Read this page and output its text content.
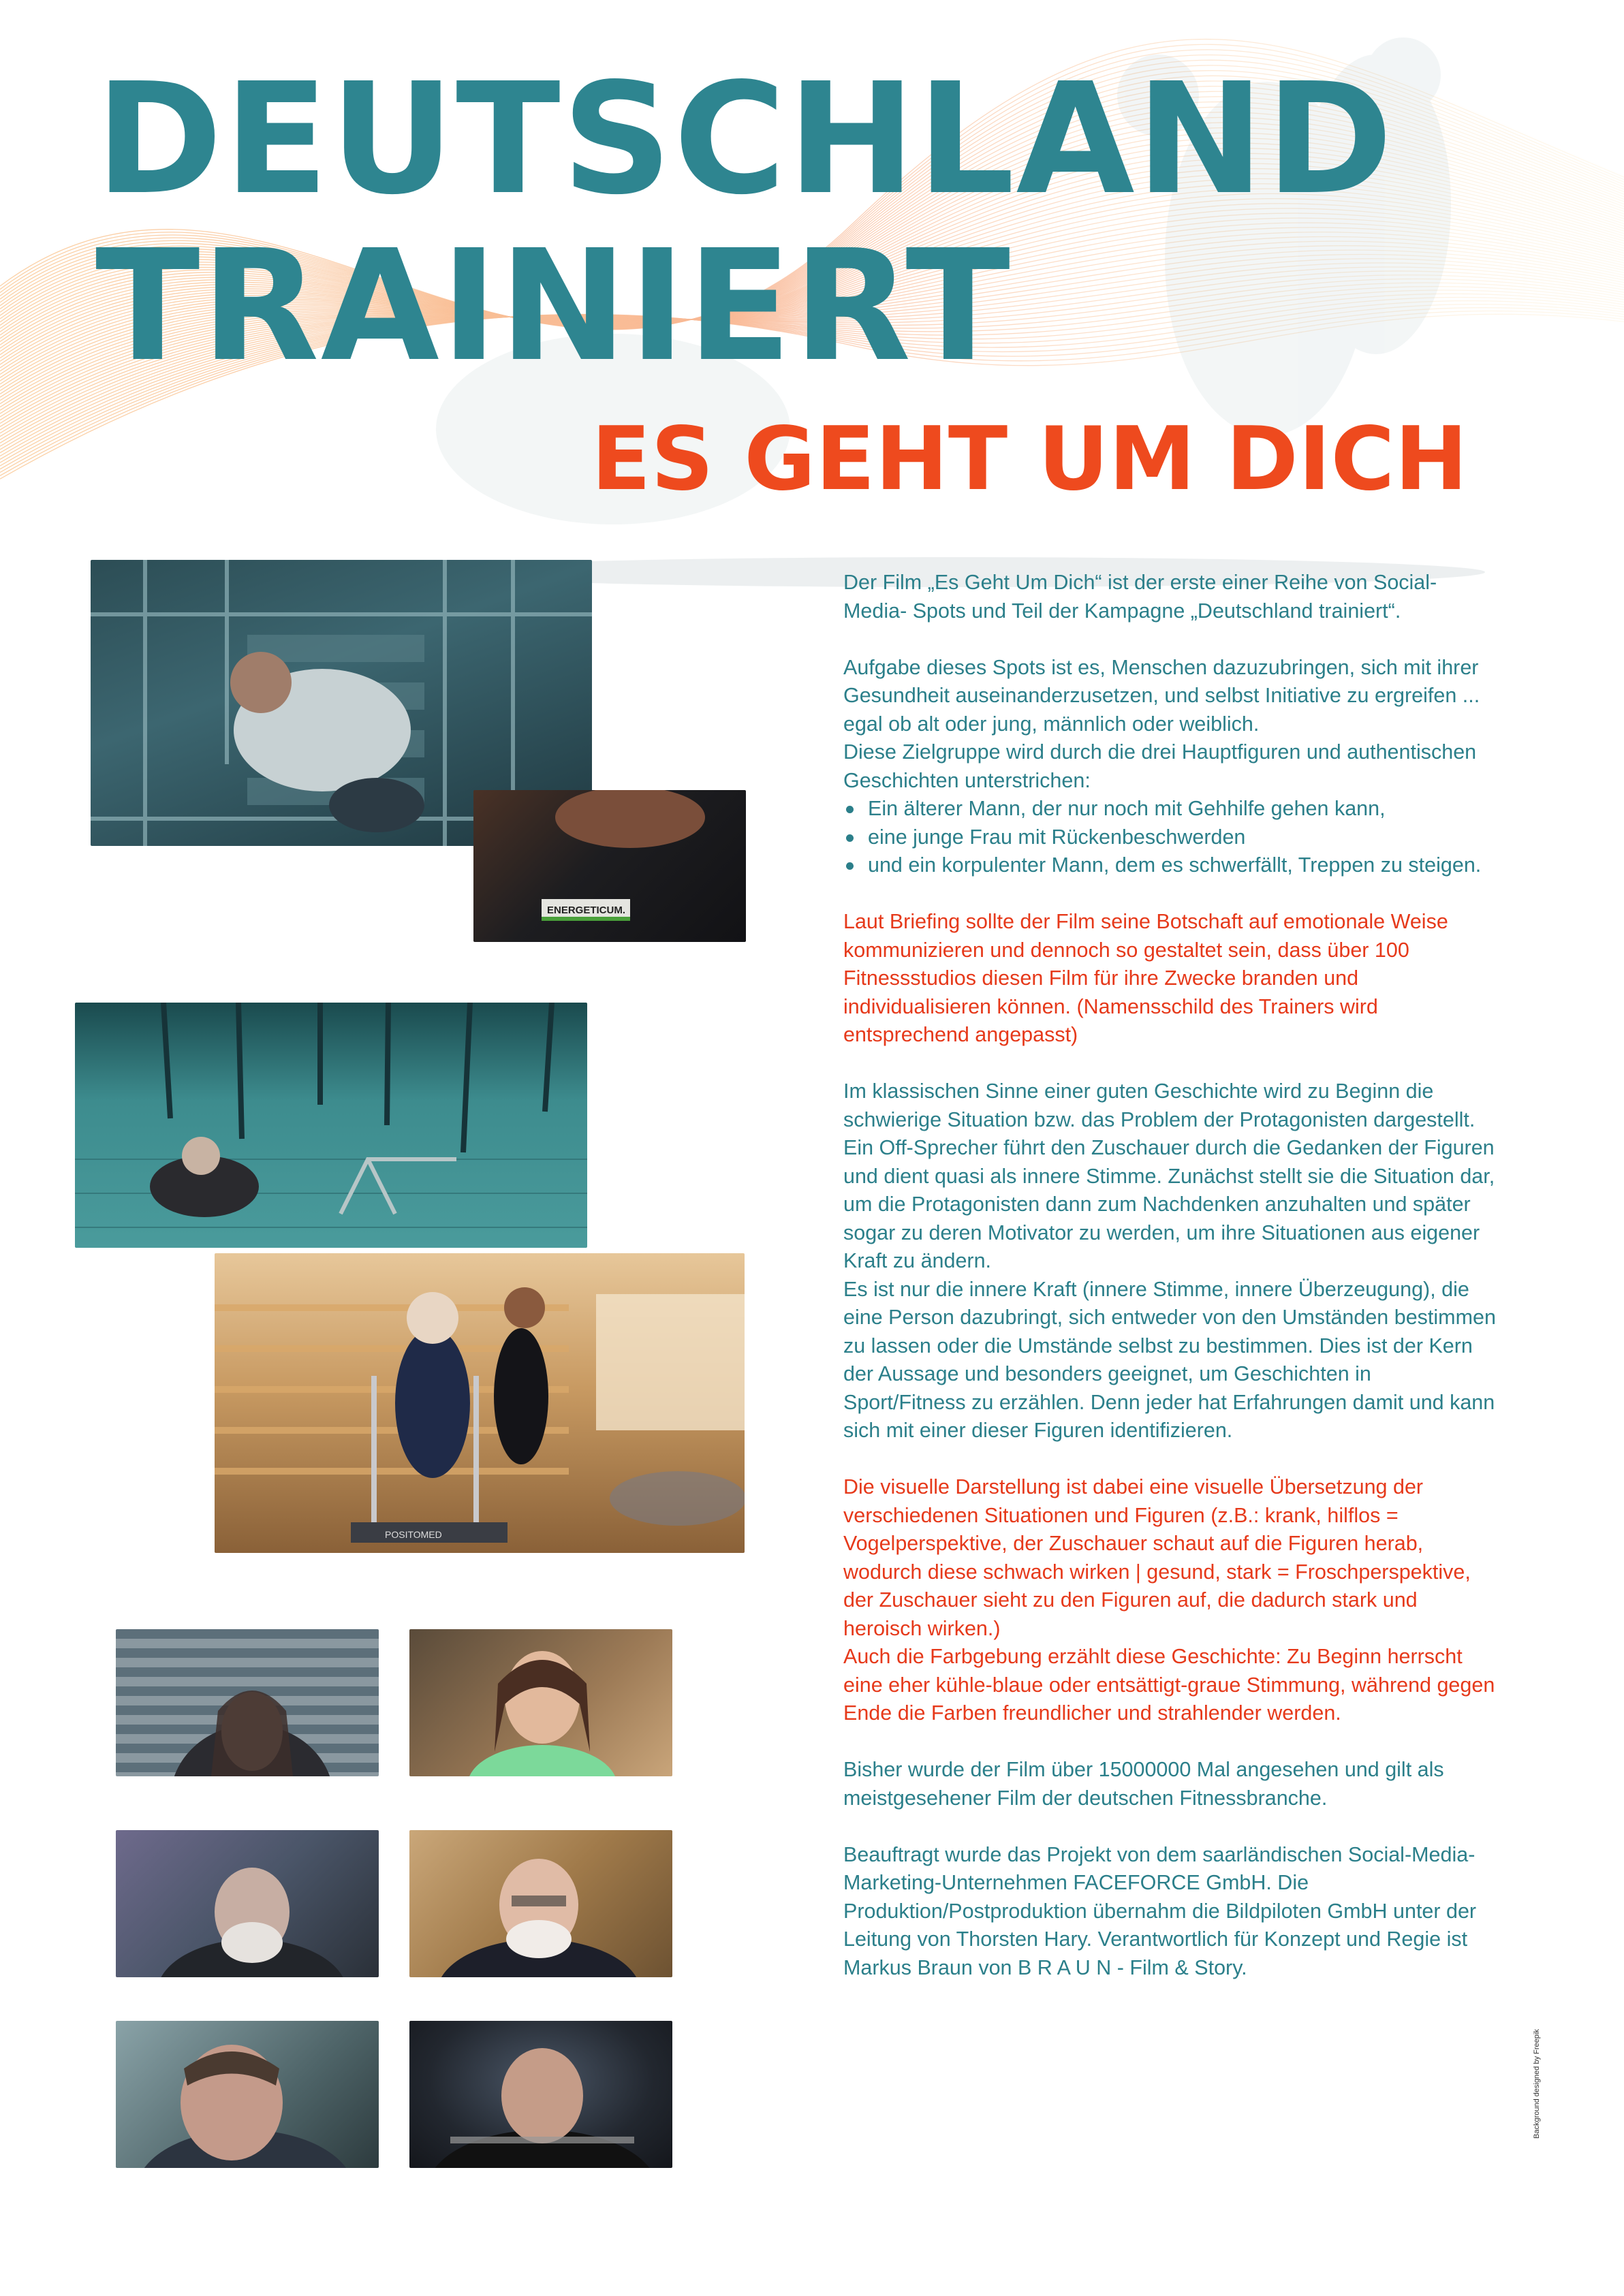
DEUTSCHLAND
TRAINIERT
ES GEHT UM DICH
ENERGETICUM.
POSITOMED

Der Film „Es Geht Um Dich“ ist der erste einer Reihe von Social-Media- Spots und Teil der Kampagne „Deutschland trainiert“.

Aufgabe dieses Spots ist es, Menschen dazuzubringen, sich mit ihrer Gesundheit auseinanderzusetzen, und selbst Initiative zu ergreifen ... egal ob alt oder jung, männlich oder weiblich.
Diese Zielgruppe wird durch die drei Hauptfiguren und authentischen Geschichten unterstrichen:
Ein älterer Mann, der nur noch mit Gehhilfe gehen kann,
eine junge Frau mit Rückenbeschwerden
und ein korpulenter Mann, dem es schwerfällt, Treppen zu steigen.

Laut Briefing sollte der Film seine Botschaft auf emotionale Weise kommunizieren und dennoch so gestaltet sein, dass über 100 Fitnessstudios diesen Film für ihre Zwecke branden und individualisieren können. (Namensschild des Trainers wird entsprechend angepasst)

Im klassischen Sinne einer guten Geschichte wird zu Beginn die schwierige Situation bzw. das Problem der Protagonisten dargestellt. Ein Off-Sprecher führt den Zuschauer durch die Gedanken der Figuren und dient quasi als innere Stimme. Zunächst stellt sie die Situation dar, um die Protagonisten dann zum Nachdenken anzuhalten und später sogar zu deren Motivator zu werden, um ihre Situationen aus eigener Kraft zu ändern.
Es ist nur die innere Kraft (innere Stimme, innere Überzeugung), die eine Person dazubringt, sich entweder von den Umständen bestimmen zu lassen oder die Umstände selbst zu bestimmen. Dies ist der Kern der Aussage und besonders geeignet, um Geschichten in Sport/Fitness zu erzählen. Denn jeder hat Erfahrungen damit und kann sich mit einer dieser Figuren identifizieren.
Die visuelle Darstellung ist dabei eine visuelle Übersetzung der verschiedenen Situationen und Figuren (z.B.: krank, hilflos = Vogelperspektive, der Zuschauer schaut auf die Figuren herab, wodurch diese schwach wirken | gesund, stark = Froschperspektive, der Zuschauer sieht zu den Figuren auf, die dadurch stark und heroisch wirken.)
Auch die Farbgebung erzählt diese Geschichte: Zu Beginn herrscht eine eher kühle-blaue oder entsättigt-graue Stimmung, während gegen Ende die Farben freundlicher und strahlender werden.

Bisher wurde der Film über 15000000 Mal angesehen und gilt als meistgesehener Film der deutschen Fitnessbranche.

Beauftragt wurde das Projekt von dem saarländischen Social-Media-Marketing-Unternehmen FACEFORCE GmbH. Die Produktion/Postproduktion übernahm die Bildpiloten GmbH unter der Leitung von Thorsten Hary. Verantwortlich für Konzept und Regie ist Markus Braun von B R A U N - Film & Story.

Background designed by Freepik
